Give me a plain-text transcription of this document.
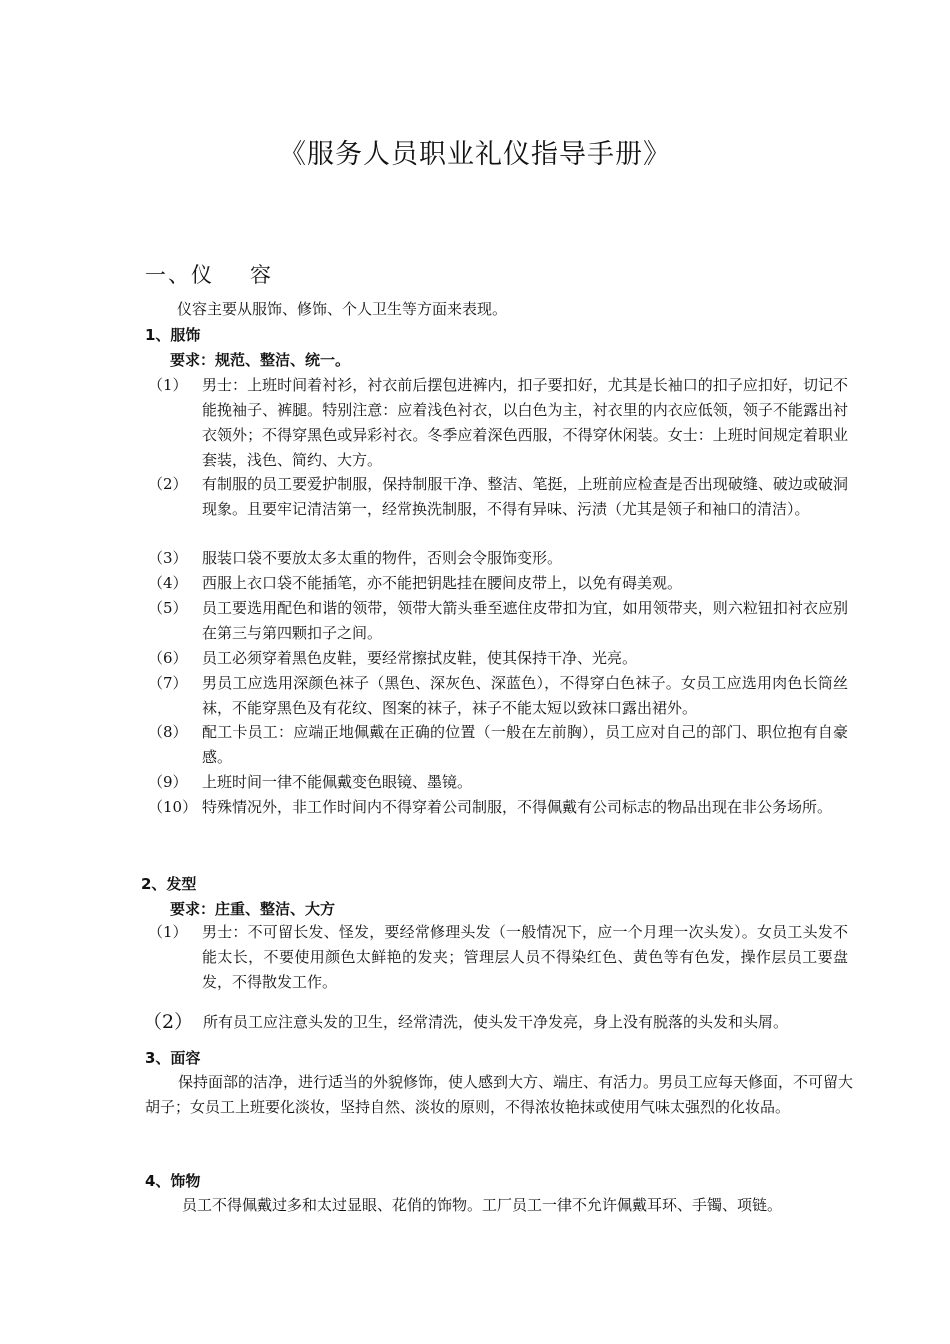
《服务人员职业礼仪指导手册》
一、仪 容
仪容主要从服饰、修饰、个人卫生等方面来表现。
1、服饰
要求：规范、整洁、统一。
（1） 男士：上班时间着衬衫，衬衣前后摆包进裤内，扣子要扣好，尤其是长袖口的扣子应扣好，切记不能挽袖子、裤腿。特别注意：应着浅色衬衣，以白色为主，衬衣里的内衣应低领，领子不能露出衬衣领外；不得穿黑色或异彩衬衣。冬季应着深色西服，不得穿休闲装。女士：上班时间规定着职业套装，浅色、简约、大方。
（2） 有制服的员工要爱护制服，保持制服干净、整洁、笔挺，上班前应检查是否出现破缝、破边或破洞现象。且要牢记清洁第一，经常换洗制服，不得有异味、污渍（尤其是领子和袖口的清洁）。
（3） 服装口袋不要放太多太重的物件，否则会令服饰变形。
（4） 西服上衣口袋不能插笔，亦不能把钥匙挂在腰间皮带上，以免有碍美观。
（5） 员工要选用配色和谐的领带，领带大箭头垂至遮住皮带扣为宜，如用领带夹，则六粒钮扣衬衣应别在第三与第四颗扣子之间。
（6） 员工必须穿着黑色皮鞋，要经常擦拭皮鞋，使其保持干净、光亮。
（7） 男员工应选用深颜色袜子（黑色、深灰色、深蓝色），不得穿白色袜子。女员工应选用肉色长筒丝袜，不能穿黑色及有花纹、图案的袜子，袜子不能太短以致袜口露出裙外。
（8） 配工卡员工：应端正地佩戴在正确的位置（一般在左前胸），员工应对自己的部门、职位抱有自豪感。
（9） 上班时间一律不能佩戴变色眼镜、墨镜。
（10） 特殊情况外，非工作时间内不得穿着公司制服，不得佩戴有公司标志的物品出现在非公务场所。
2、发型
要求：庄重、整洁、大方
（1） 男士：不可留长发、怪发，要经常修理头发（一般情况下，应一个月理一次头发）。女员工头发不能太长，不要使用颜色太鲜艳的发夹；管理层人员不得染红色、黄色等有色发，操作层员工要盘发，不得散发工作。
（2） 所有员工应注意头发的卫生，经常清洗，使头发干净发亮，身上没有脱落的头发和头屑。
3、面容
保持面部的洁净，进行适当的外貌修饰，使人感到大方、端庄、有活力。男员工应每天修面，不可留大胡子；女员工上班要化淡妆，坚持自然、淡妆的原则，不得浓妆艳抹或使用气味太强烈的化妆品。
4、饰物
员工不得佩戴过多和太过显眼、花俏的饰物。工厂员工一律不允许佩戴耳环、手镯、项链。
